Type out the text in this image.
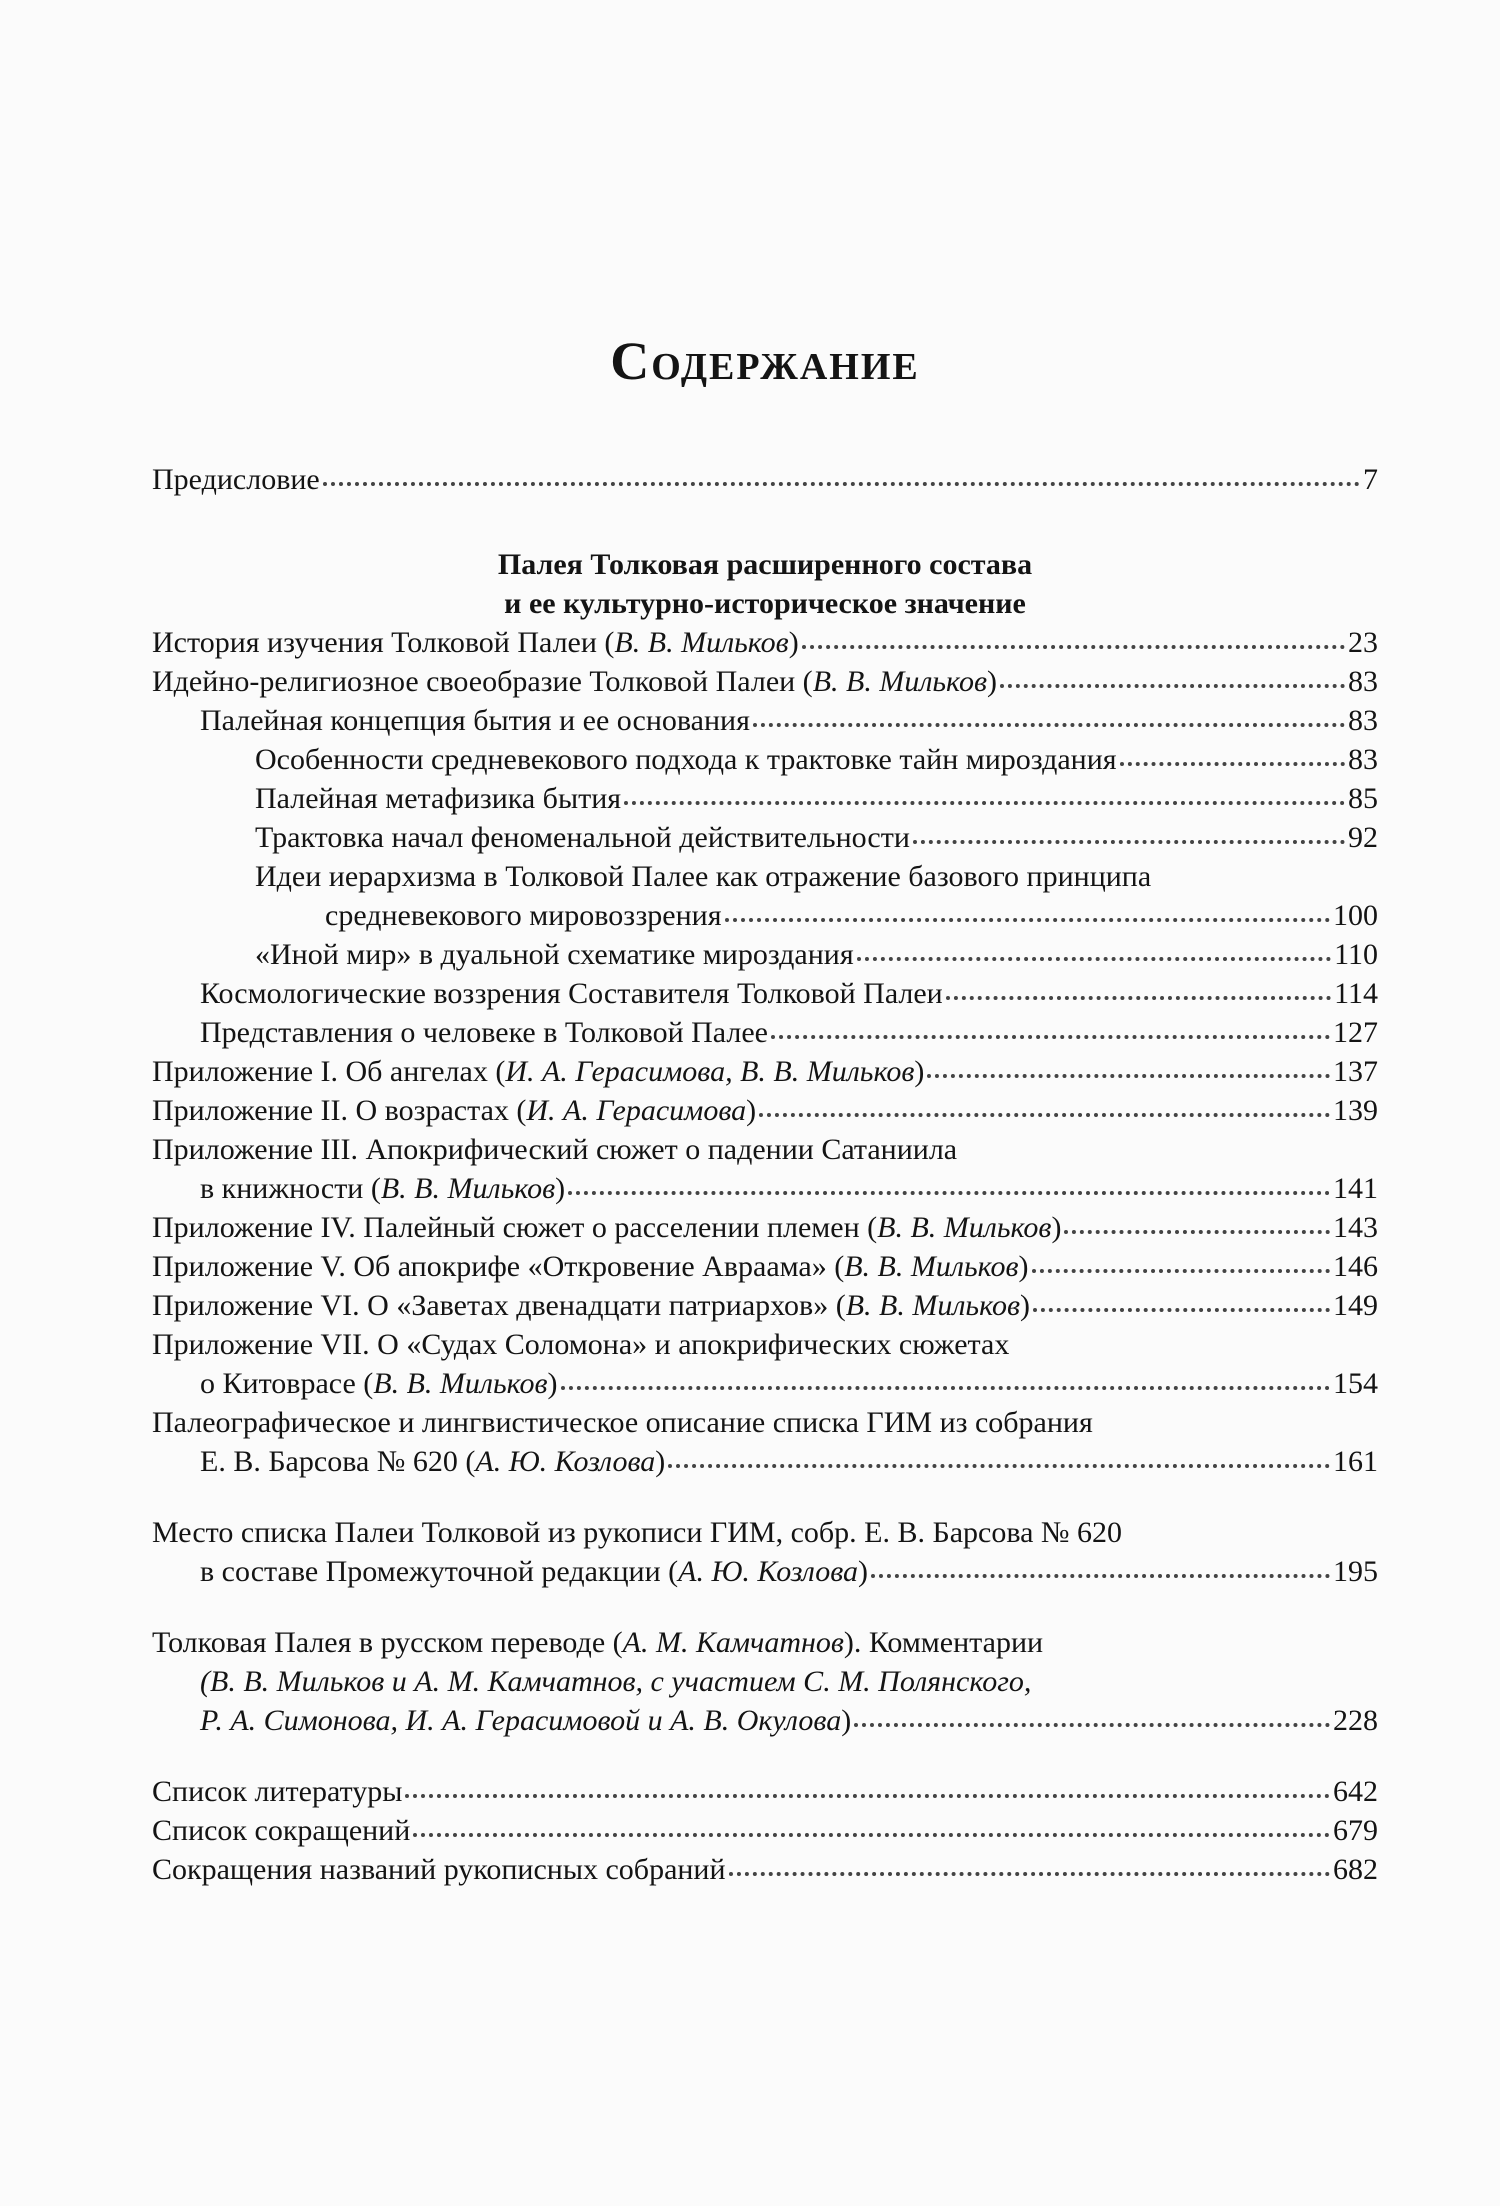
Содержание
Предисловие	7
Палея Толковая расширенного состава
и ее культурно-историческое значение
История изучения Толковой Палеи (В. В. Мильков)	23
Идейно-религиозное своеобразие Толковой Палеи (В. В. Мильков)	83
Палейная концепция бытия и ее основания	83
Особенности средневекового подхода к трактовке тайн мироздания	83
Палейная метафизика бытия	85
Трактовка начал феноменальной действительности	92
Идеи иерархизма в Толковой Палее как отражение базового принципа
средневекового мировоззрения	100
«Иной мир» в дуальной схематике мироздания	110
Космологические воззрения Составителя Толковой Палеи	114
Представления о человеке в Толковой Палее	127
Приложение I. Об ангелах (И. А. Герасимова, В. В. Мильков)	137
Приложение II. О возрастах (И. А. Герасимова)	139
Приложение III. Апокрифический сюжет о падении Сатаниила
в книжности (В. В. Мильков)	141
Приложение IV. Палейный сюжет о расселении племен (В. В. Мильков)	143
Приложение V. Об апокрифе «Откровение Авраама» (В. В. Мильков)	146
Приложение VI. О «Заветах двенадцати патриархов» (В. В. Мильков)	149
Приложение VII. О «Судах Соломона» и апокрифических сюжетах
о Китоврасе (В. В. Мильков)	154
Палеографическое и лингвистическое описание списка ГИМ из собрания
Е. В. Барсова № 620 (А. Ю. Козлова)	161
Место списка Палеи Толковой из рукописи ГИМ, собр. Е. В. Барсова № 620
в составе Промежуточной редакции (А. Ю. Козлова)	195
Толковая Палея в русском переводе (А. М. Камчатнов). Комментарии
(В. В. Мильков и А. М. Камчатнов, с участием С. М. Полянского,
Р. А. Симонова, И. А. Герасимовой и А. В. Окулова)	228
Список литературы	642
Список сокращений	679
Сокращения названий рукописных собраний	682
